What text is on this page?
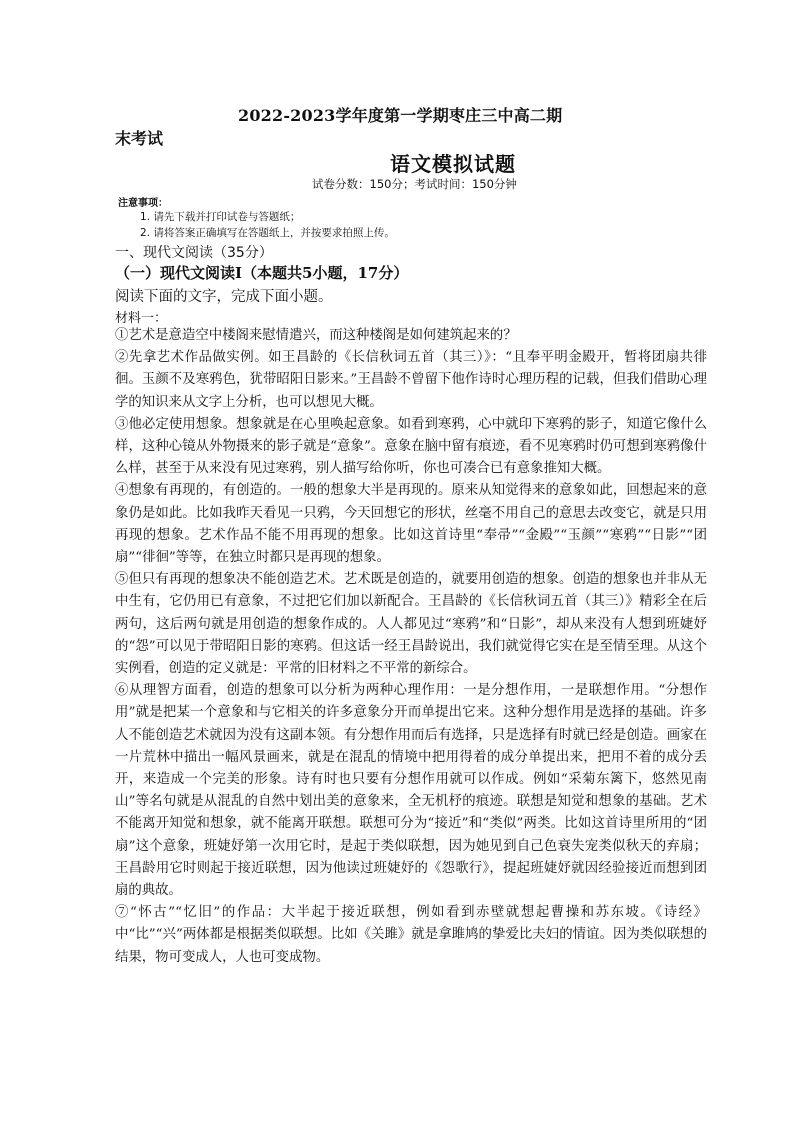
2022-2023学年度第一学期枣庄三中高二期
末考试
语文模拟试题
试卷分数：150分；考试时间：150分钟
注意事项：
1. 请先下载并打印试卷与答题纸；
2. 请将答案正确填写在答题纸上，并按要求拍照上传。
一、现代文阅读（35分）
（一）现代文阅读Ⅰ（本题共5小题，17分）
阅读下面的文字，完成下面小题。
材料一：

①艺术是意造空中楼阁来慰情遣兴，而这种楼阁是如何建筑起来的？

②先拿艺术作品做实例。如王昌龄的《长信秋词五首（其三）》：“且奉平明金殿开，暂将团扇共徘徊。玉颜不及寒鸦色，犹带昭阳日影来。”王昌龄不曾留下他作诗时心理历程的记载，但我们借助心理学的知识来从文字上分析，也可以想见大概。

③他必定使用想象。想象就是在心里唤起意象。如看到寒鸦，心中就印下寒鸦的影子，知道它像什么样，这种心镜从外物摄来的影子就是“意象”。意象在脑中留有痕迹，看不见寒鸦时仍可想到寒鸦像什么样，甚至于从来没有见过寒鸦，别人描写给你听，你也可凑合已有意象推知大概。

④想象有再现的，有创造的。一般的想象大半是再现的。原来从知觉得来的意象如此，回想起来的意象仍是如此。比如我昨天看见一只鸦，今天回想它的形状，丝毫不用自己的意思去改变它，就是只用再现的想象。艺术作品不能不用再现的想象。比如这首诗里“奉帚”“金殿”“玉颜”“寒鸦”“日影”“团扇”“徘徊”等等，在独立时都只是再现的想象。

⑤但只有再现的想象决不能创造艺术。艺术既是创造的，就要用创造的想象。创造的想象也并非从无中生有，它仍用已有意象，不过把它们加以新配合。王昌龄的《长信秋词五首（其三）》精彩全在后两句，这后两句就是用创造的想象作成的。人人都见过“寒鸦”和“日影”，却从来没有人想到班婕妤的“怨”可以见于带昭阳日影的寒鸦。但这话一经王昌龄说出，我们就觉得它实在是至情至理。从这个实例看，创造的定义就是：平常的旧材料之不平常的新综合。

⑥从理智方面看，创造的想象可以分析为两种心理作用：一是分想作用，一是联想作用。“分想作用”就是把某一个意象和与它相关的许多意象分开而单提出它来。这种分想作用是选择的基础。许多人不能创造艺术就因为没有这副本领。有分想作用而后有选择，只是选择有时就已经是创造。画家在一片荒林中描出一幅风景画来，就是在混乱的情境中把用得着的成分单提出来，把用不着的成分丢开，来造成一个完美的形象。诗有时也只要有分想作用就可以作成。例如“采菊东篱下，悠然见南山”等名句就是从混乱的自然中划出美的意象来，全无机杼的痕迹。联想是知觉和想象的基础。艺术不能离开知觉和想象，就不能离开联想。联想可分为“接近”和“类似”两类。比如这首诗里所用的“团扇”这个意象，班婕妤第一次用它时，是起于类似联想，因为她见到自己色衰失宠类似秋天的弃扇；王昌龄用它时则起于接近联想，因为他读过班婕妤的《怨歌行》，提起班婕妤就因经验接近而想到团扇的典故。

⑦“怀古”“忆旧”的作品：大半起于接近联想，例如看到赤壁就想起曹操和苏东坡。《诗经》中“比”“兴”两体都是根据类似联想。比如《关雎》就是拿雎鸠的挚爱比夫妇的情谊。因为类似联想的结果，物可变成人，人也可变成物。
